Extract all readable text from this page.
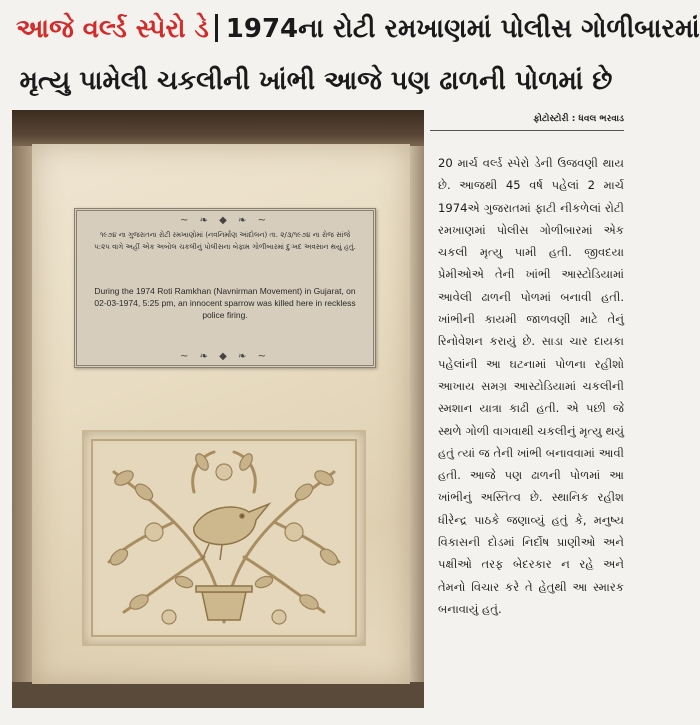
આજે વર્લ્ડ સ્પેરો ડે 1974ના રોટી રમખાણમાં પોલીસ ગોળીબારમાં
મૃત્યુ પામેલી ચકલીની ખાંભી આજે પણ ઢાળની પોળમાં છે
~ ❧ ◆ ❧ ~
૧૯૭૪ ના ગુજરાતના રોટી રમખાણોમાં (નવનિર્માણ આંદોલન) તા. ૨/૩/૧૯૭૪ ના રોજ સાંજે ૫:૨૫ વાગે અહીં એક અબોલ ચકલીનું પોલીસના બેફામ ગોળીબારમાં દુઃખદ અવસાન થયું હતું.
During the 1974 Roti Ramkhan (Navnirman Movement) in Gujarat, on 02-03-1974, 5:25 pm, an innocent sparrow was killed here in reckless police firing.
~ ❧ ◆ ❧ ~
ફોટોસ્ટોરી : ધવલ ભરવાડ
20 માર્ચ વર્લ્ડ સ્પેરો ડેની ઉજવણી થાય છે. આજથી 45 વર્ષ પહેલાં 2 માર્ચ 1974એ ગુજરાતમાં ફાટી નીકળેલાં રોટી રમખાણમાં પોલીસ ગોળીબારમાં એક ચકલી મૃત્યુ પામી હતી. જીવદયા પ્રેમીઓએ તેની ખાંભી આસ્ટોડિયામાં આવેલી ઢાળની પોળમાં બનાવી હતી. ખાંભીની કાયમી જાળવણી માટે તેનું રિનોવેશન કરાયું છે. સાડા ચાર દાયકા પહેલાંની આ ઘટનામાં પોળના રહીશો આખાય સમગ્ર આસ્ટોડિયામાં ચકલીની સ્મશાન યાત્રા કાઢી હતી. એ પછી જે સ્થળે ગોળી વાગવાથી ચકલીનું મૃત્યુ થયું હતું ત્યાં જ તેની ખાંભી બનાવવામાં આવી હતી. આજે પણ ઢાળની પોળમાં આ ખાંભીનું અસ્તિત્વ છે. સ્થાનિક રહીશ ધીરેન્દ્ર પાઠકે જણાવ્યું હતું કે, મનુષ્ય વિકાસની દોડમાં નિર્દોષ પ્રાણીઓ અને પક્ષીઓ તરફ બેદરકાર ન રહે અને તેમનો વિચાર કરે તે હેતુથી આ સ્મારક બનાવાયું હતું.
